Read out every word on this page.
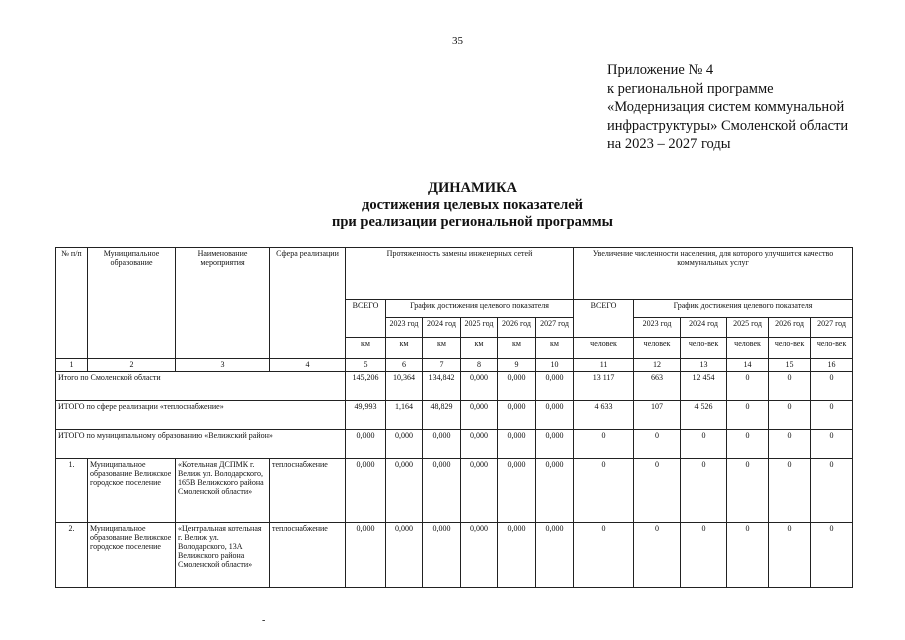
35
Приложение № 4
к региональной программе
«Модернизация систем коммунальной
инфраструктуры» Смоленской области
на 2023 – 2027 годы
ДИНАМИКА
достижения целевых показателей
при реализации региональной программы
№ п/п	Муниципальное образование	Наименование мероприятия	Сфера реализации	Протяженность замены инженерных сетей						Увеличение численности населения, для которого улучшится качество коммунальных услуг					
				ВСЕГО	График достижения целевого показателя					ВСЕГО	График достижения целевого показателя				
					2023 год	2024 год	2025 год	2026 год	2027 год		2023 год	2024 год	2025 год	2026 год	2027 год
				км	км	км	км	км	км	человек	человек	чело-век	человек	чело-век	чело-век
1	2	3	4	5	6	7	8	9	10	11	12	13	14	15	16
Итого по Смоленской области				145,206	10,364	134,842	0,000	0,000	0,000	13 117	663	12 454	0	0	0
ИТОГО по сфере реализации «теплоснабжение»				49,993	1,164	48,829	0,000	0,000	0,000	4 633	107	4 526	0	0	0
ИТОГО по муниципальному образованию «Велижский район»				0,000	0,000	0,000	0,000	0,000	0,000	0	0	0	0	0	0
1.	Муниципальное образование Велижское городское поселение	«Котельная ДСПМК г. Велиж ул. Володарского, 165В Велижского района Смоленской области»	теплоснабжение	0,000	0,000	0,000	0,000	0,000	0,000	0	0	0	0	0	0
2.	Муниципальное образование Велижское городское поселение	«Центральная котельная г. Велиж ул. Володарского, 13А Велижского района Смоленской области»	теплоснабжение	0,000	0,000	0,000	0,000	0,000	0,000	0	0	0	0	0	0
-
